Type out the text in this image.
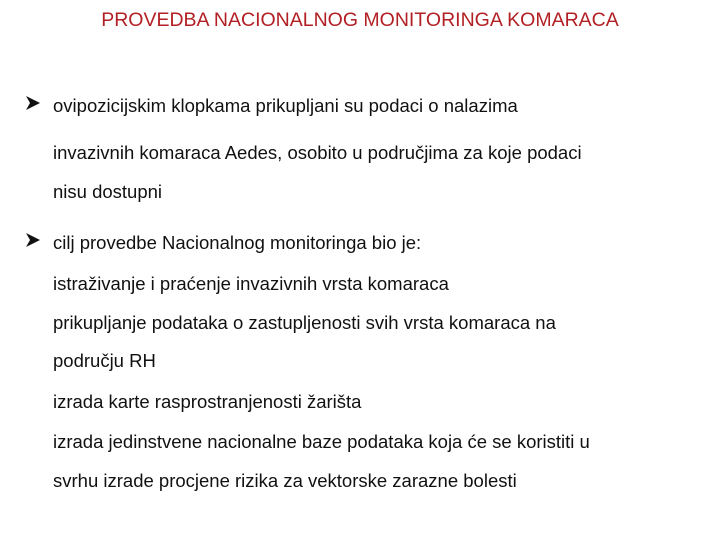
PROVEDBA NACIONALNOG MONITORINGA KOMARACA
ovipozicijskim klopkama prikupljani su podaci o nalazima
invazivnih komaraca Aedes, osobito u područjima za koje podaci
nisu dostupni
cilj provedbe Nacionalnog monitoringa bio je:
istraživanje i praćenje invazivnih vrsta komaraca
prikupljanje podataka o zastupljenosti svih vrsta komaraca na
području RH
izrada karte rasprostranjenosti žarišta
izrada jedinstvene nacionalne baze podataka koja će se koristiti u
svrhu izrade procjene rizika za vektorske zarazne bolesti
